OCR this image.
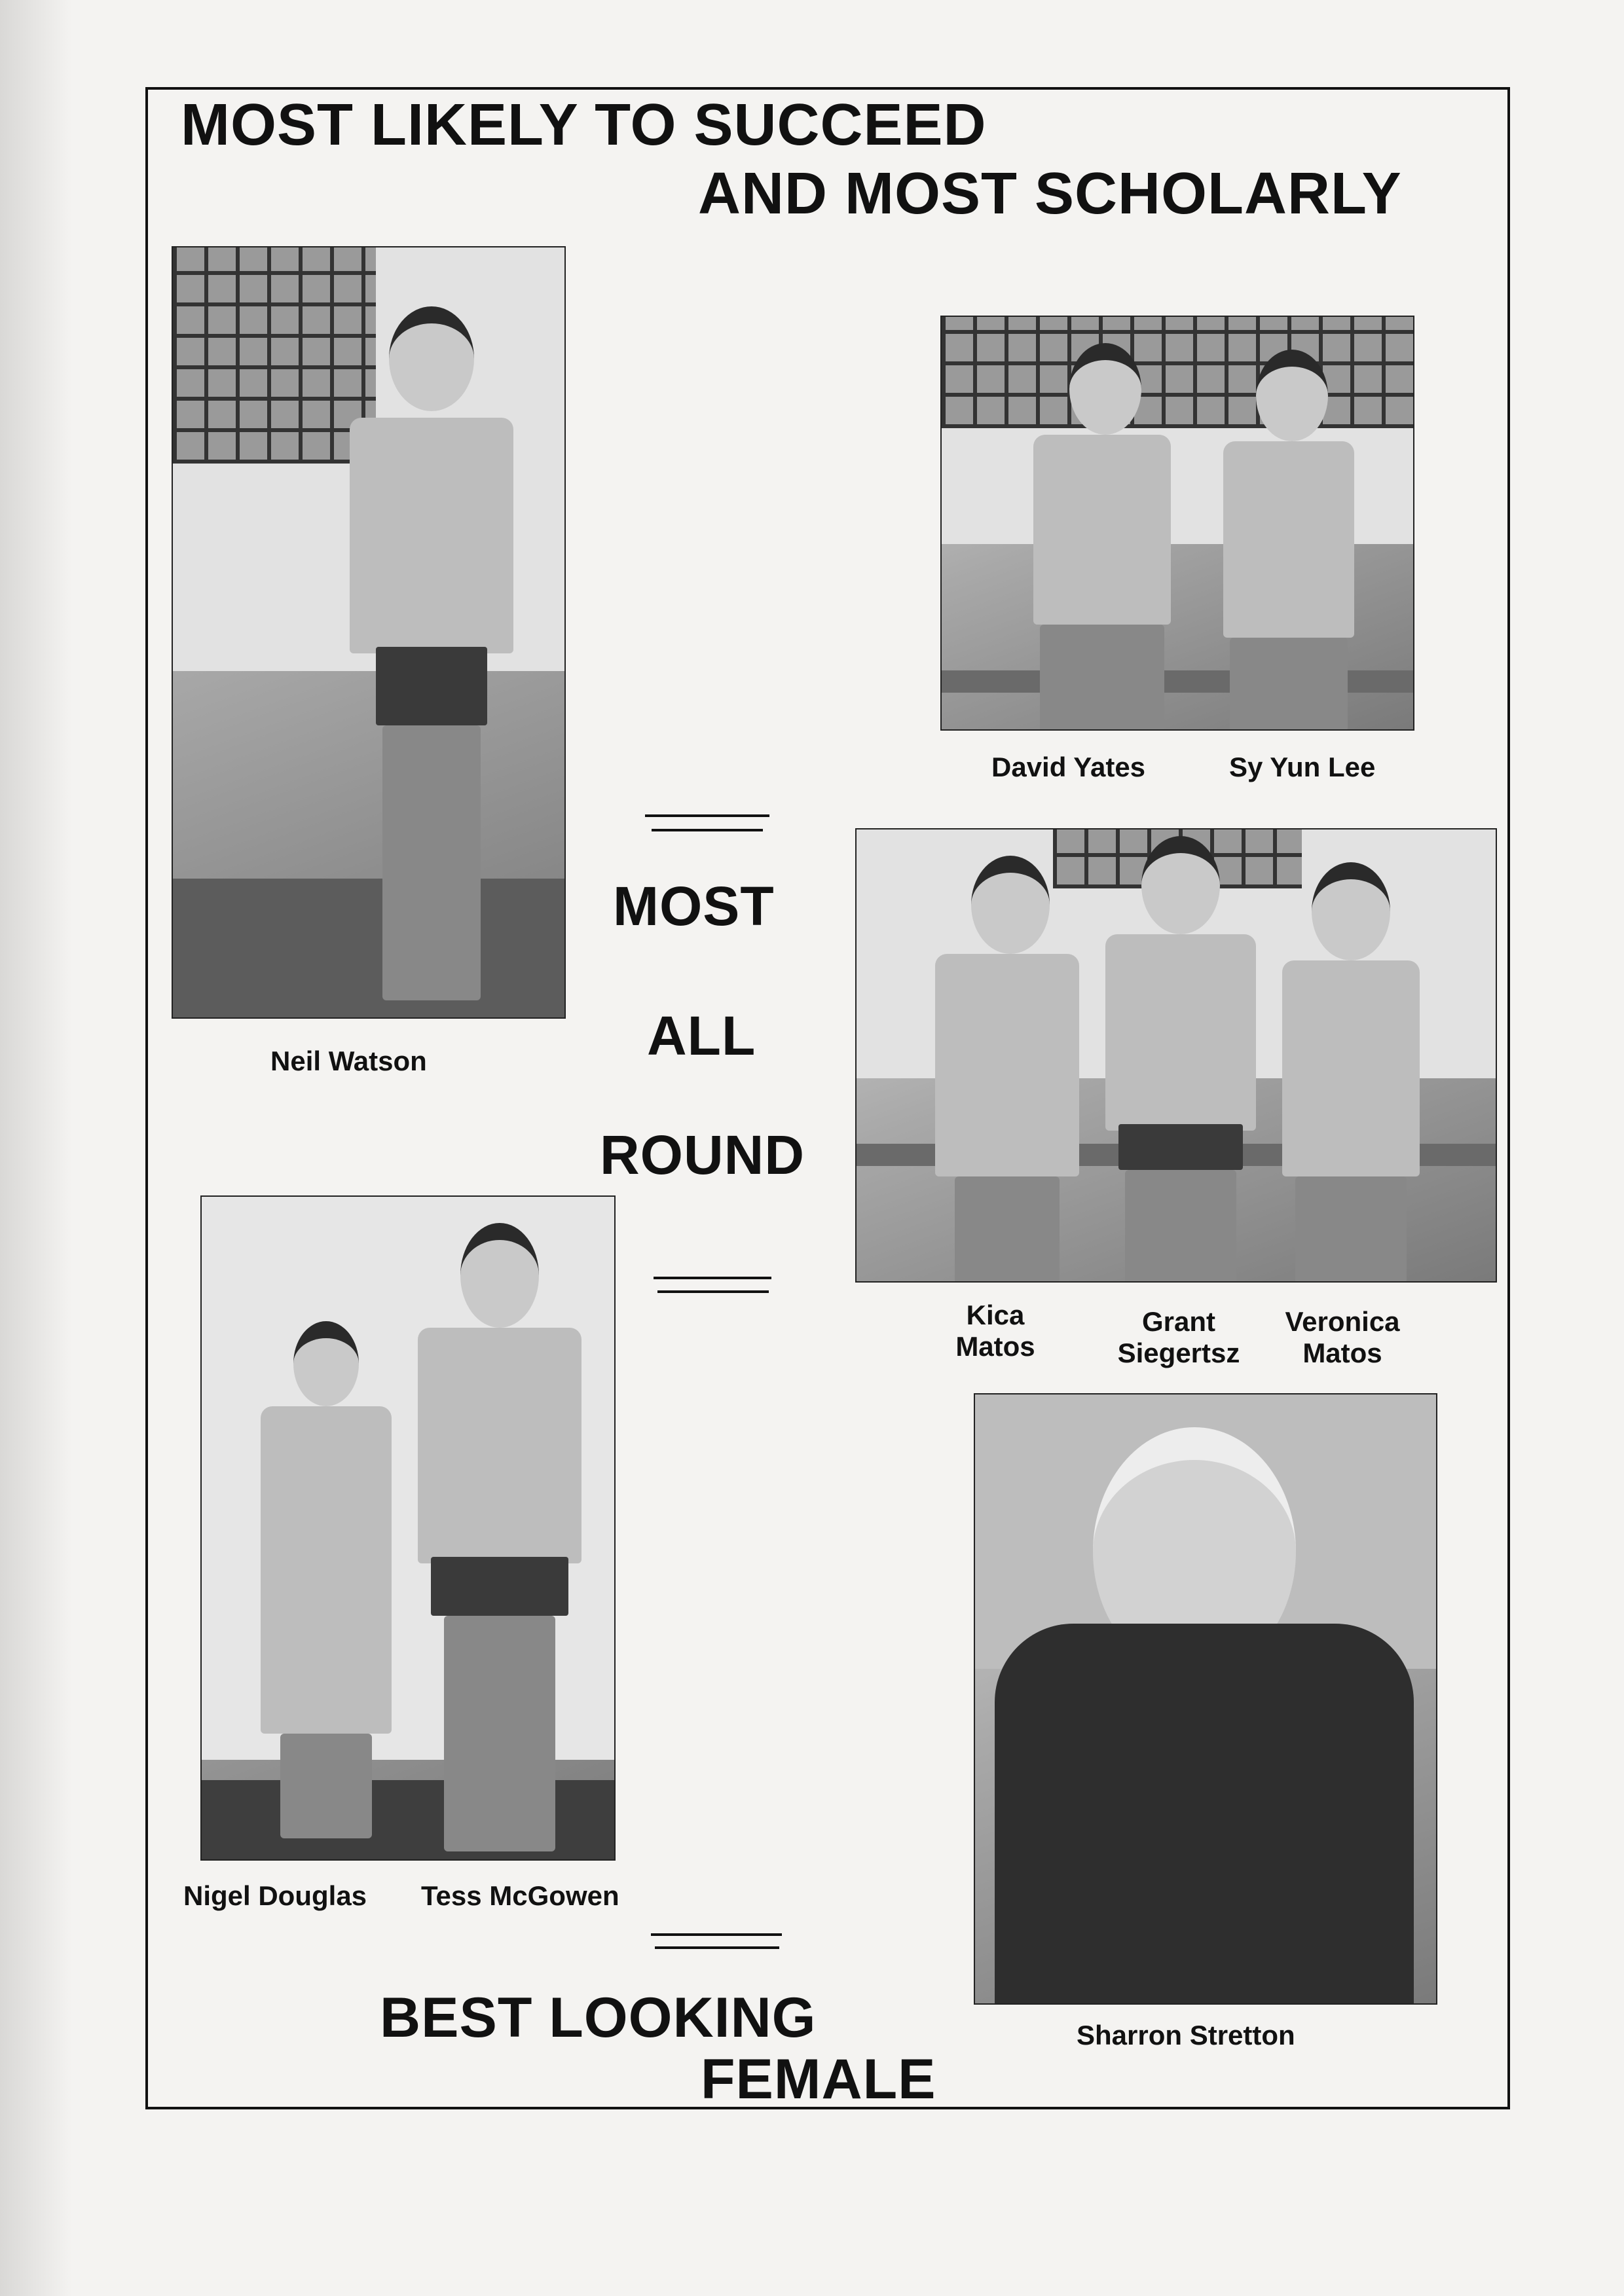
MOST LIKELY TO SUCCEED
AND MOST SCHOLARLY
Neil Watson
David Yates	Sy Yun Lee
MOST
ALL
ROUND
Kica
Matos
Grant
Siegertsz
Veronica
Matos
Nigel Douglas Tess McGowen
Sharron Stretton
BEST LOOKING
FEMALE
